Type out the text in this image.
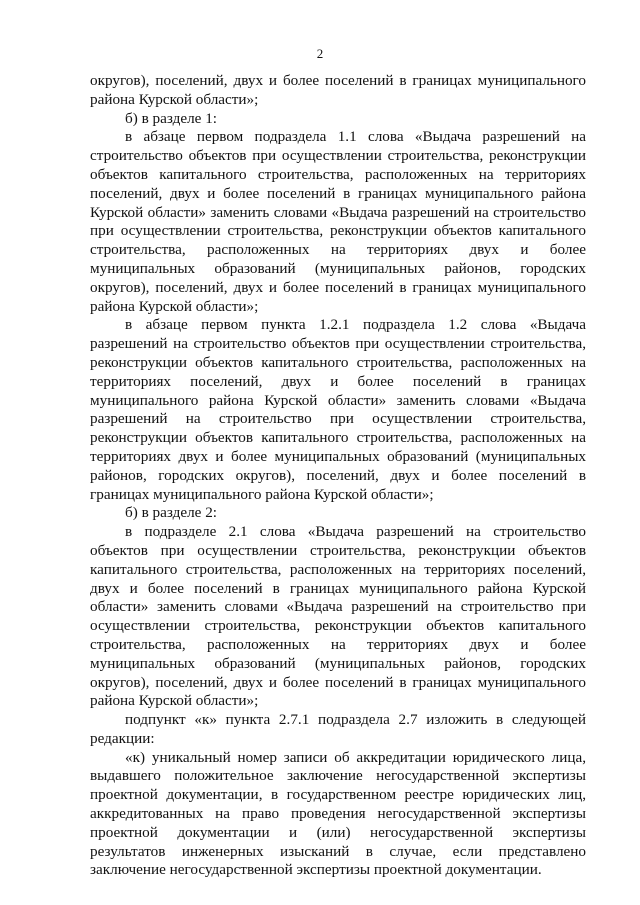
2

округов), поселений, двух и более поселений в границах муниципального района Курской области»;

б) в разделе 1:

в абзаце первом подраздела 1.1 слова «Выдача разрешений на строительство объектов при осуществлении строительства, реконструкции объектов капитального строительства, расположенных на территориях поселений, двух и более поселений в границах муниципального района Курской области» заменить словами «Выдача разрешений на строительство при осуществлении строительства, реконструкции объектов капитального строительства, расположенных на территориях двух и более муниципальных образований (муниципальных районов, городских округов), поселений, двух и более поселений в границах муниципального района Курской области»;

в абзаце первом пункта 1.2.1 подраздела 1.2 слова «Выдача разрешений на строительство объектов при осуществлении строительства, реконструкции объектов капитального строительства, расположенных на территориях поселений, двух и более поселений в границах муниципального района Курской области» заменить словами «Выдача разрешений на строительство при осуществлении строительства, реконструкции объектов капитального строительства, расположенных на территориях двух и более муниципальных образований (муниципальных районов, городских округов), поселений, двух и более поселений в границах муниципального района Курской области»;

б) в разделе 2:

в подразделе 2.1 слова «Выдача разрешений на строительство объектов при осуществлении строительства, реконструкции объектов капитального строительства, расположенных на территориях поселений, двух и более поселений в границах муниципального района Курской области» заменить словами «Выдача разрешений на строительство при осуществлении строительства, реконструкции объектов капитального строительства, расположенных на территориях двух и более муниципальных образований (муниципальных районов, городских округов), поселений, двух и более поселений в границах муниципального района Курской области»;

подпункт «к» пункта 2.7.1 подраздела 2.7 изложить в следующей редакции:

«к) уникальный номер записи об аккредитации юридического лица, выдавшего положительное заключение негосударственной экспертизы проектной документации, в государственном реестре юридических лиц, аккредитованных на право проведения негосударственной экспертизы проектной документации и (или) негосударственной экспертизы результатов инженерных изысканий в случае, если представлено заключение негосударственной экспертизы проектной документации.
